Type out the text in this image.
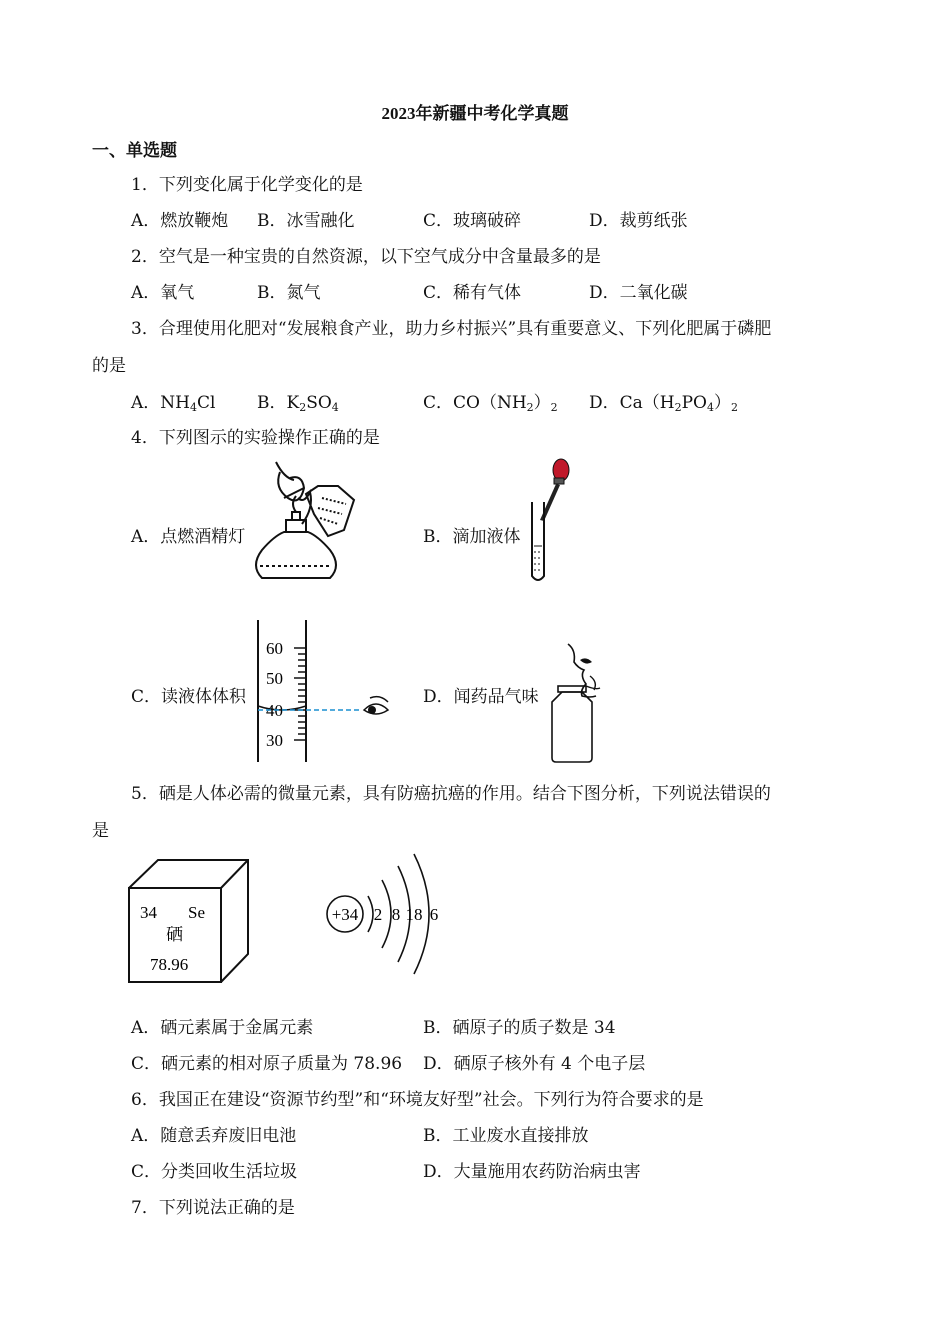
2023年新疆中考化学真题
一、单选题
1．下列变化属于化学变化的是
A．燃放鞭炮 B．冰雪融化	C．玻璃破碎	D．裁剪纸张
2．空气是一种宝贵的自然资源，以下空气成分中含量最多的是
A．氧气	B．氮气	C．稀有气体	D．二氧化碳
3．合理使用化肥对“发展粮食产业，助力乡村振兴”具有重要意义、下列化肥属于磷肥
的是
A．$NH_4Cl$ B．$K_2SO_4$	C．$CO(NH_2)_2$ D．$Ca(H_2PO_4)_2$
4．下列图示的实验操作正确的是
A．点燃酒精灯	B．滴加液体
C．读液体体积	D．闻药品气味
60
50
40
30
5．硒是人体必需的微量元素，具有防癌抗癌的作用。结合下图分析，下列说法错误的
是
34 Se
硒
78.96
+34 2 8 18 6
A．硒元素属于金属元素	B．硒原子的质子数是 34
C．硒元素的相对原子质量为 78.96 D．硒原子核外有 4 个电子层
6．我国正在建设“资源节约型”和“环境友好型”社会。下列行为符合要求的是
A．随意丢弃废旧电池	B．工业废水直接排放
C．分类回收生活垃圾	D．大量施用农药防治病虫害
7．下列说法正确的是
